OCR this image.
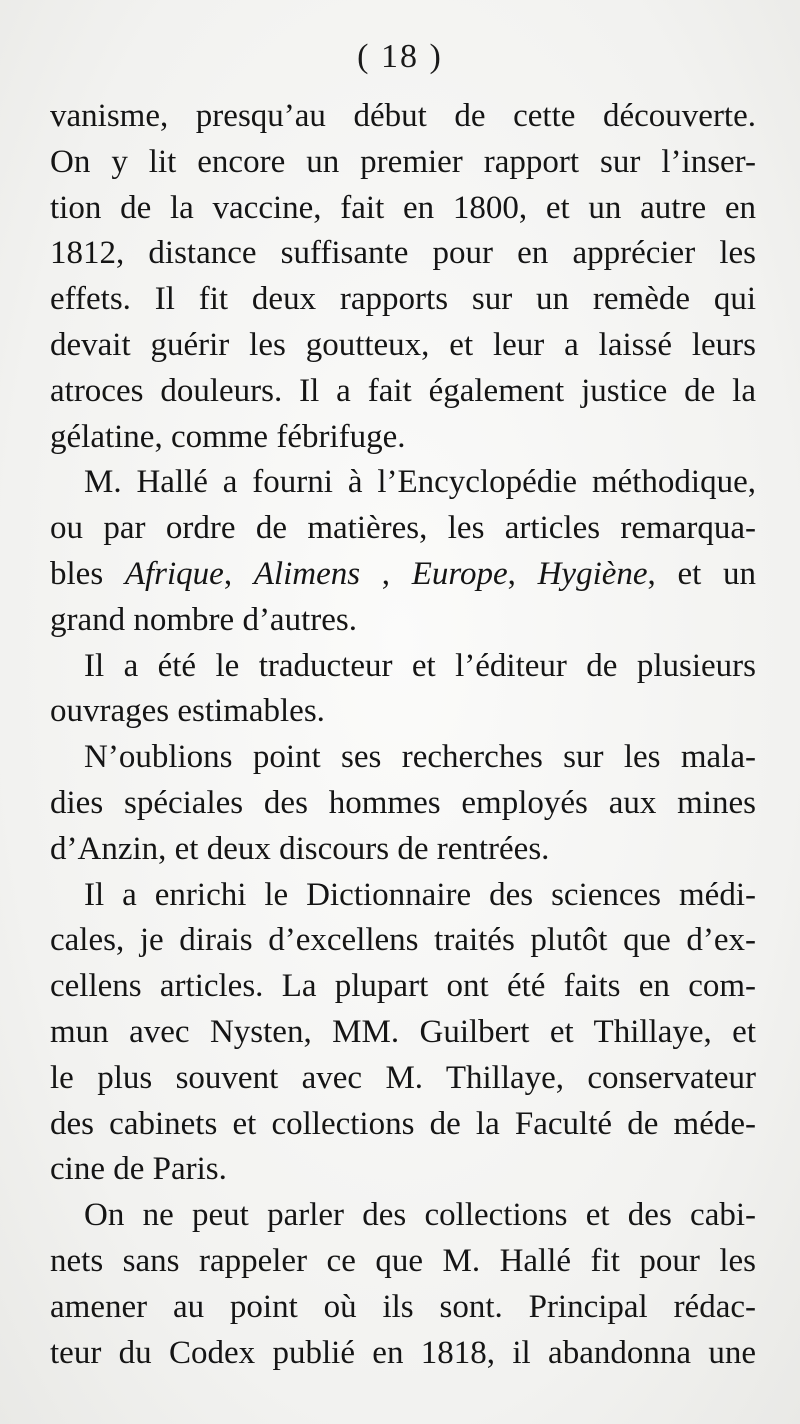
( 18 )
vanisme, presqu’au début de cette découverte.
On y lit encore un premier rapport sur l’inser-
tion de la vaccine, fait en 1800, et un autre en
1812, distance suffisante pour en apprécier les
effets. Il fit deux rapports sur un remède qui
devait guérir les goutteux, et leur a laissé leurs
atroces douleurs. Il a fait également justice de la
gélatine, comme fébrifuge.
M. Hallé a fourni à l’Encyclopédie méthodique,
ou par ordre de matières, les articles remarqua-
bles Afrique, Alimens , Europe, Hygiène, et un
grand nombre d’autres.
Il a été le traducteur et l’éditeur de plusieurs
ouvrages estimables.
N’oublions point ses recherches sur les mala-
dies spéciales des hommes employés aux mines
d’Anzin, et deux discours de rentrées.
Il a enrichi le Dictionnaire des sciences médi-
cales, je dirais d’excellens traités plutôt que d’ex-
cellens articles. La plupart ont été faits en com-
mun avec Nysten, MM. Guilbert et Thillaye, et
le plus souvent avec M. Thillaye, conservateur
des cabinets et collections de la Faculté de méde-
cine de Paris.
On ne peut parler des collections et des cabi-
nets sans rappeler ce que M. Hallé fit pour les
amener au point où ils sont. Principal rédac-
teur du Codex publié en 1818, il abandonna une
